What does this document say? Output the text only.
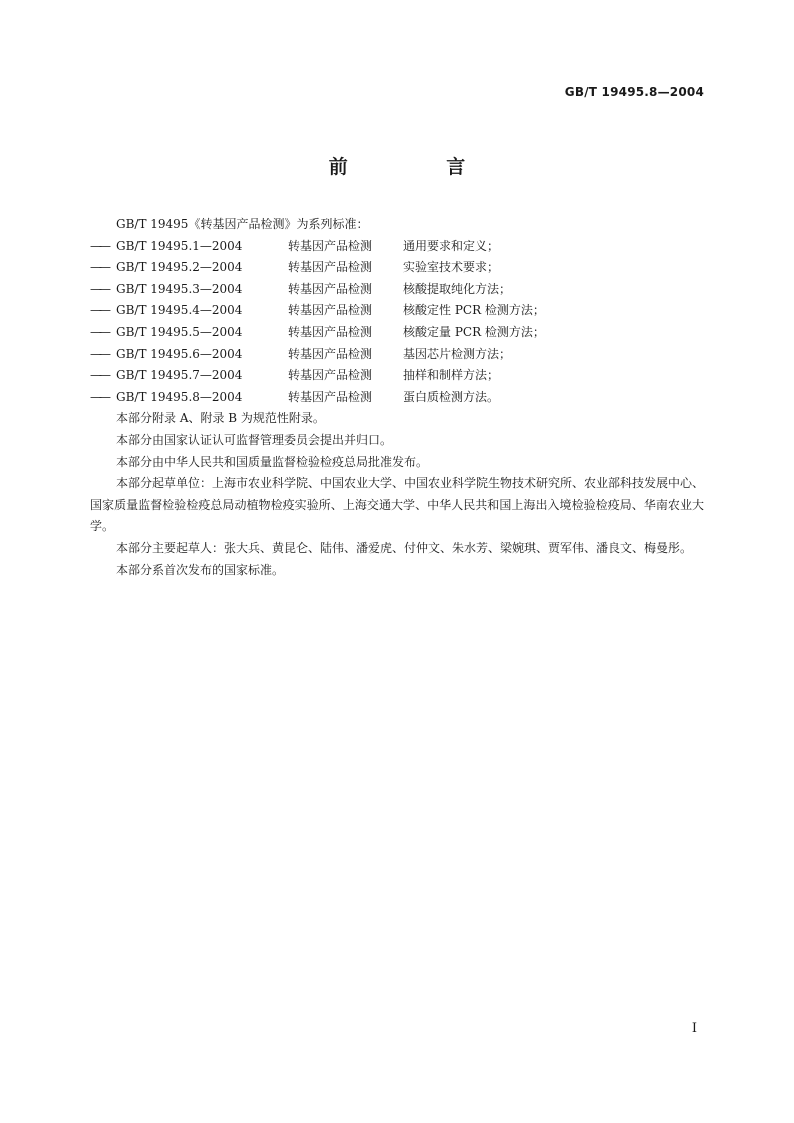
GB/T 19495.8—2004
前 言

GB/T 19495《转基因产品检测》为系列标准：

—— GB/T 19495.1—2004	转基因产品检测	通用要求和定义；
—— GB/T 19495.2—2004	转基因产品检测	实验室技术要求；
—— GB/T 19495.3—2004	转基因产品检测	核酸提取纯化方法；
—— GB/T 19495.4—2004	转基因产品检测	核酸定性 PCR 检测方法；
—— GB/T 19495.5—2004	转基因产品检测	核酸定量 PCR 检测方法；
—— GB/T 19495.6—2004	转基因产品检测	基因芯片检测方法；
—— GB/T 19495.7—2004	转基因产品检测	抽样和制样方法；
—— GB/T 19495.8—2004	转基因产品检测	蛋白质检测方法。

本部分附录 A、附录 B 为规范性附录。

本部分由国家认证认可监督管理委员会提出并归口。

本部分由中华人民共和国质量监督检验检疫总局批准发布。

本部分起草单位：上海市农业科学院、中国农业大学、中国农业科学院生物技术研究所、农业部科技发展中心、国家质量监督检验检疫总局动植物检疫实验所、上海交通大学、中华人民共和国上海出入境检验检疫局、华南农业大学。

本部分主要起草人：张大兵、黄昆仑、陆伟、潘爱虎、付仲文、朱水芳、梁婉琪、贾军伟、潘良文、梅曼彤。

本部分系首次发布的国家标准。

I
